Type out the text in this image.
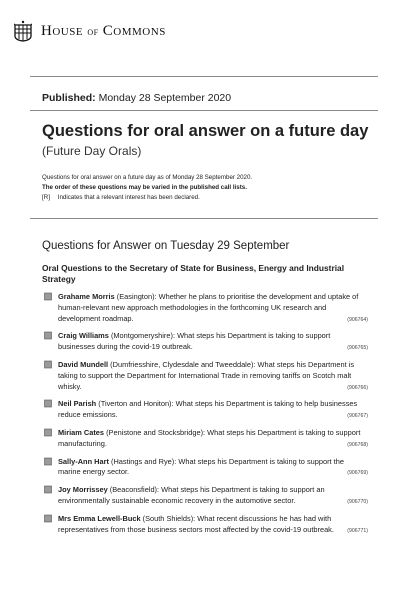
House of Commons
Published: Monday 28 September 2020
Questions for oral answer on a future day
(Future Day Orals)
Questions for oral answer on a future day as of Monday 28 September 2020.
The order of these questions may be varied in the published call lists.
[R] Indicates that a relevant interest has been declared.
Questions for Answer on Tuesday 29 September
Oral Questions to the Secretary of State for Business, Energy and Industrial Strategy
Grahame Morris (Easington): Whether he plans to prioritise the development and uptake of human-relevant new approach methodologies in the forthcoming UK research and development roadmap.	(906764)
Craig Williams (Montgomeryshire): What steps his Department is taking to support businesses during the covid-19 outbreak.	(906765)
David Mundell (Dumfriesshire, Clydesdale and Tweeddale): What steps his Department is taking to support the Department for International Trade in removing tariffs on Scotch malt whisky.	(906766)
Neil Parish (Tiverton and Honiton): What steps his Department is taking to help businesses reduce emissions.	(906767)
Miriam Cates (Penistone and Stocksbridge): What steps his Department is taking to support manufacturing.	(906768)
Sally-Ann Hart (Hastings and Rye): What steps his Department is taking to support the marine energy sector.	(906769)
Joy Morrissey (Beaconsfield): What steps his Department is taking to support an environmentally sustainable economic recovery in the automotive sector.	(906770)
Mrs Emma Lewell-Buck (South Shields): What recent discussions he has had with representatives from those business sectors most affected by the covid-19 outbreak.	(906771)
